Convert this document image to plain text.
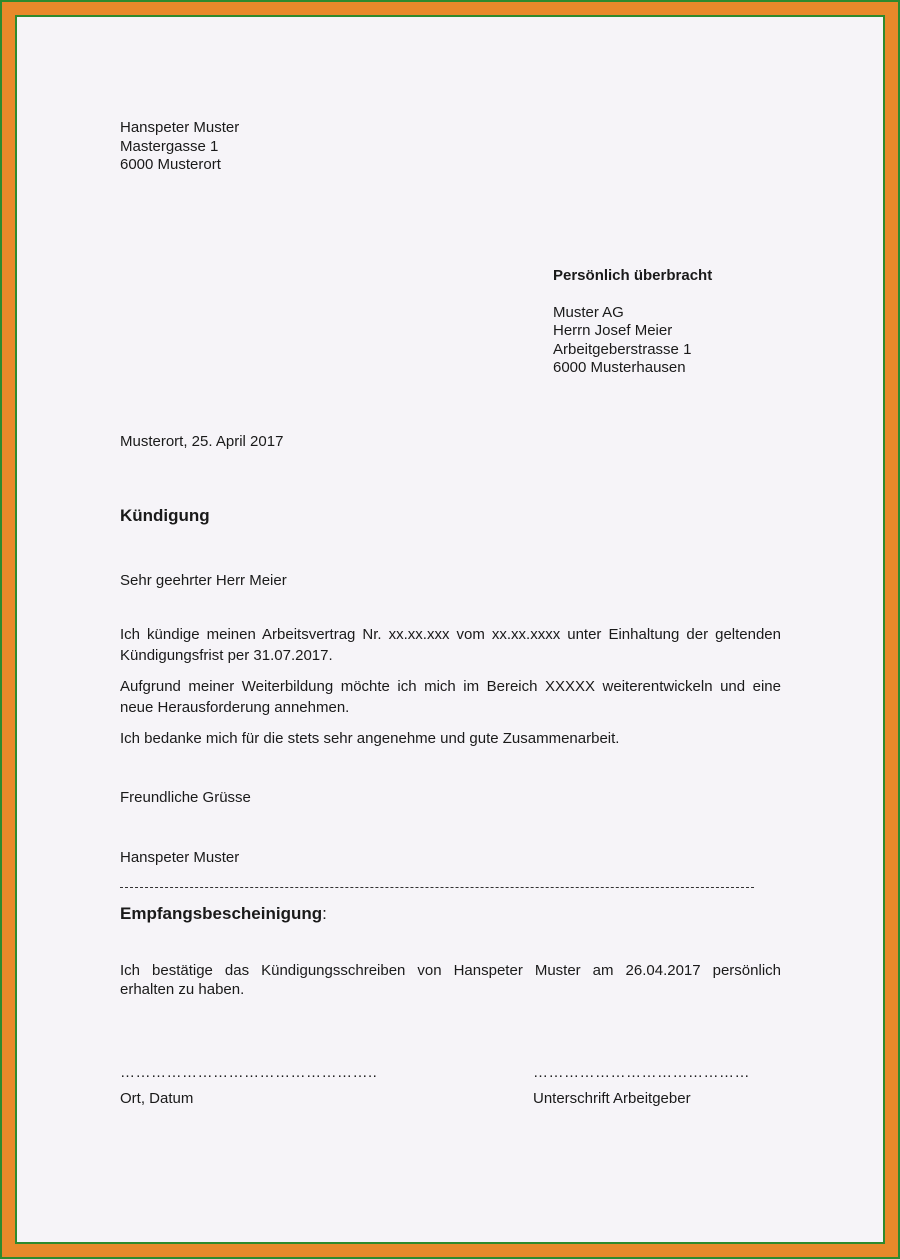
Hanspeter Muster
Mastergasse 1
6000 Musterort
Persönlich überbracht
Muster AG
Herrn Josef Meier
Arbeitgeberstrasse 1
6000 Musterhausen
Musterort, 25. April 2017
Kündigung
Sehr geehrter Herr Meier
Ich kündige meinen Arbeitsvertrag Nr. xx.xx.xxx vom xx.xx.xxxx unter Einhaltung der geltenden
Kündigungsfrist per 31.07.2017.
Aufgrund meiner Weiterbildung möchte ich mich im Bereich XXXXX weiterentwickeln und eine
neue Herausforderung annehmen.
Ich bedanke mich für die stets sehr angenehme und gute Zusammenarbeit.
Freundliche Grüsse
Hanspeter Muster
Empfangsbescheinigung:
Ich bestätige das Kündigungsschreiben von Hanspeter Muster am 26.04.2017 persönlich
erhalten zu haben.
…………………………………………..	……………………………………
Ort, Datum	Unterschrift Arbeitgeber
